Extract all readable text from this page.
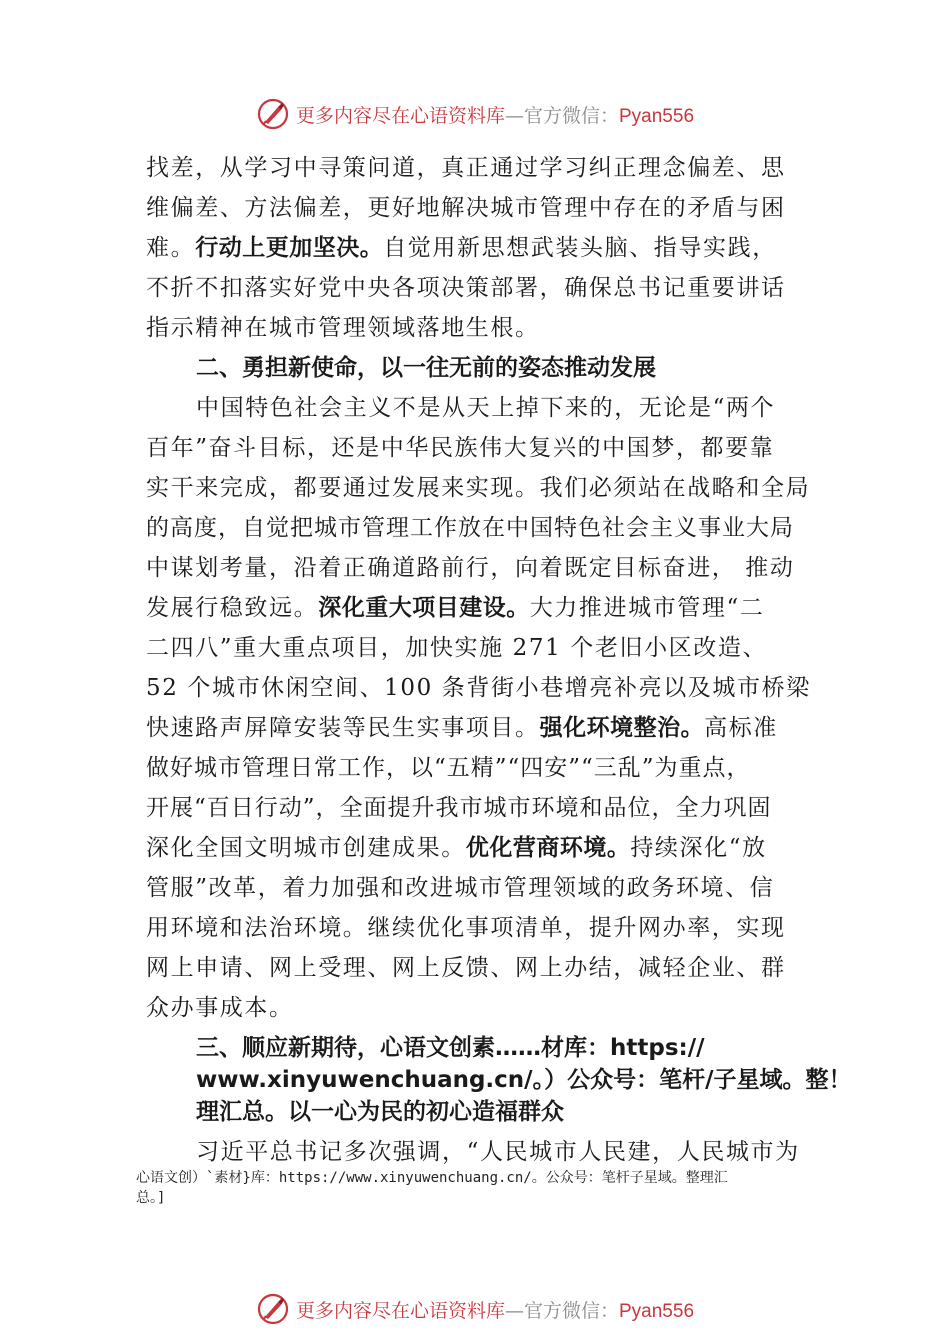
更多内容尽在心语资料库—官方微信：Pyan556
找差，从学习中寻策问道，真正通过学习纠正理念偏差、思
维偏差、方法偏差，更好地解决城市管理中存在的矛盾与困
难。行动上更加坚决。自觉用新思想武装头脑、指导实践，
不折不扣落实好党中央各项决策部署，确保总书记重要讲话
指示精神在城市管理领域落地生根。
二、勇担新使命，以一往无前的姿态推动发展
中国特色社会主义不是从天上掉下来的，无论是“两个
百年”奋斗目标，还是中华民族伟大复兴的中国梦，都要靠
实干来完成，都要通过发展来实现。我们必须站在战略和全局
的高度，自觉把城市管理工作放在中国特色社会主义事业大局
中谋划考量，沿着正确道路前行，向着既定目标奋进， 推动
发展行稳致远。深化重大项目建设。大力推进城市管理“二
二四八”重大重点项目，加快实施 271 个老旧小区改造、
52 个城市休闲空间、100 条背街小巷增亮补亮以及城市桥梁
快速路声屏障安装等民生实事项目。强化环境整治。高标准
做好城市管理日常工作，以“五精”“四安”“三乱”为重点，
开展“百日行动”，全面提升我市城市环境和品位，全力巩固
深化全国文明城市创建成果。优化营商环境。持续深化“放
管服”改革，着力加强和改进城市管理领域的政务环境、信
用环境和法治环境。继续优化事项清单，提升网办率，实现
网上申请、网上受理、网上反馈、网上办结，减轻企业、群
众办事成本。
三、顺应新期待，心语文创素……材库：https://
www.xinyuwenchuang.cn/。）公众号：笔杆/子星域。整！
理汇总。以一心为民的初心造福群众
习近平总书记多次强调，“人民城市人民建，人民城市为
心语文创）`素材}库：https://www.xinyuwenchuang.cn/。公众号：笔杆子星域。整理汇
总。]
更多内容尽在心语资料库—官方微信：Pyan556
